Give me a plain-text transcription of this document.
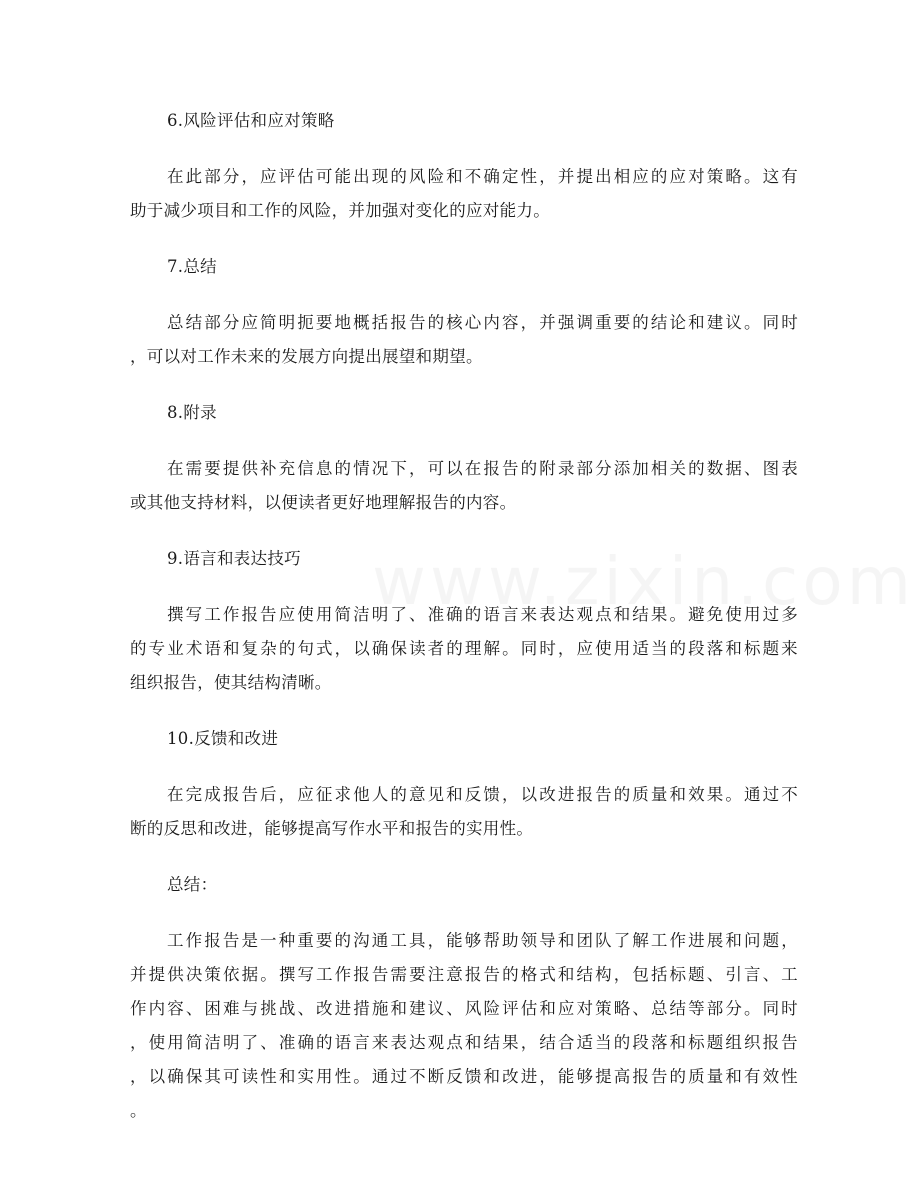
6.风险评估和应对策略
在此部分，应评估可能出现的风险和不确定性，并提出相应的应对策略。这有
助于减少项目和工作的风险，并加强对变化的应对能力。
7.总结
总结部分应简明扼要地概括报告的核心内容，并强调重要的结论和建议。同时
，可以对工作未来的发展方向提出展望和期望。
8.附录
在需要提供补充信息的情况下，可以在报告的附录部分添加相关的数据、图表
或其他支持材料，以便读者更好地理解报告的内容。
9.语言和表达技巧
撰写工作报告应使用简洁明了、准确的语言来表达观点和结果。避免使用过多
的专业术语和复杂的句式，以确保读者的理解。同时，应使用适当的段落和标题来
组织报告，使其结构清晰。
10.反馈和改进
在完成报告后，应征求他人的意见和反馈，以改进报告的质量和效果。通过不
断的反思和改进，能够提高写作水平和报告的实用性。
总结：
工作报告是一种重要的沟通工具，能够帮助领导和团队了解工作进展和问题，
并提供决策依据。撰写工作报告需要注意报告的格式和结构，包括标题、引言、工
作内容、困难与挑战、改进措施和建议、风险评估和应对策略、总结等部分。同时
，使用简洁明了、准确的语言来表达观点和结果，结合适当的段落和标题组织报告
，以确保其可读性和实用性。通过不断反馈和改进，能够提高报告的质量和有效性
。
